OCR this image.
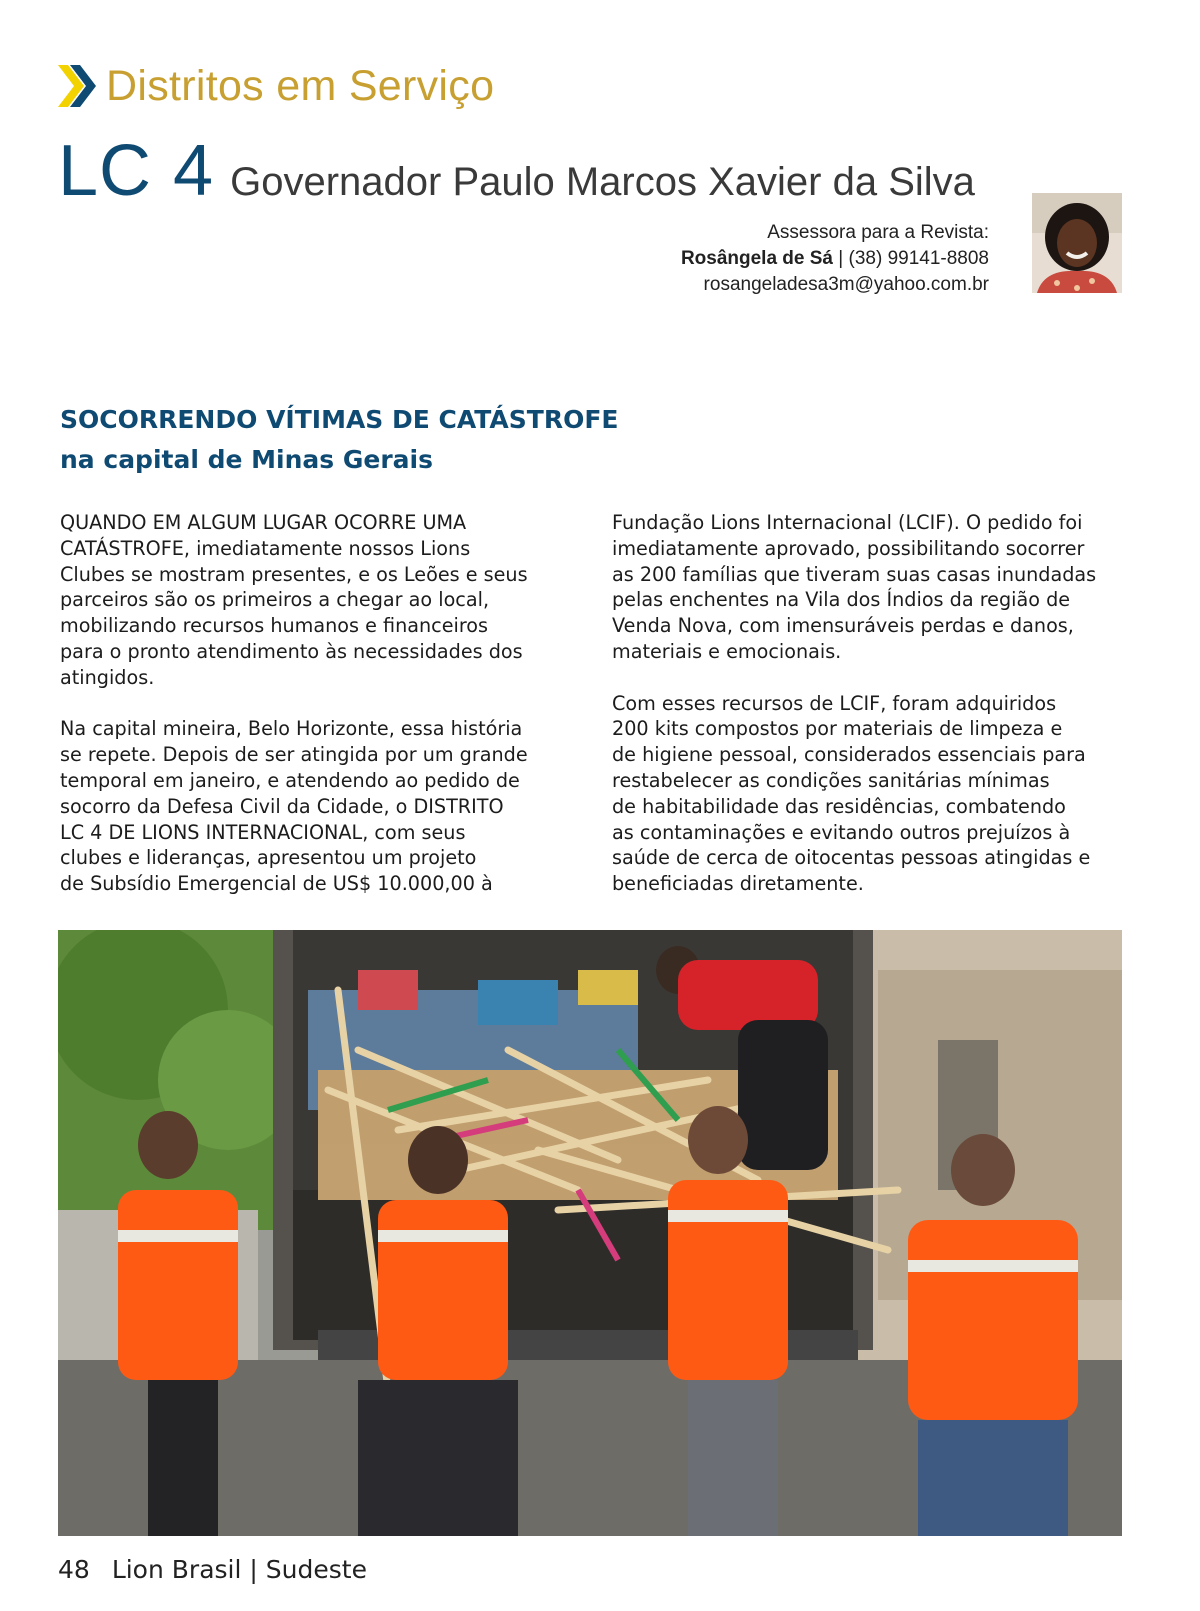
Distritos em Serviço
LC 4 Governador Paulo Marcos Xavier da Silva
Assessora para a Revista:
Rosângela de Sá | (38) 99141-8808
rosangeladesa3m@yahoo.com.br
SOCORRENDO VÍTIMAS DE CATÁSTROFE
na capital de Minas Gerais

QUANDO EM ALGUM LUGAR OCORRE UMA
CATÁSTROFE, imediatamente nossos Lions
Clubes se mostram presentes, e os Leões e seus
parceiros são os primeiros a chegar ao local,
mobilizando recursos humanos e financeiros
para o pronto atendimento às necessidades dos
atingidos.

Na capital mineira, Belo Horizonte, essa história
se repete. Depois de ser atingida por um grande
temporal em janeiro, e atendendo ao pedido de
socorro da Defesa Civil da Cidade, o DISTRITO
LC 4 DE LIONS INTERNACIONAL, com seus
clubes e lideranças, apresentou um projeto
de Subsídio Emergencial de US$ 10.000,00 à

Fundação Lions Internacional (LCIF). O pedido foi
imediatamente aprovado, possibilitando socorrer
as 200 famílias que tiveram suas casas inundadas
pelas enchentes na Vila dos Índios da região de
Venda Nova, com imensuráveis perdas e danos,
materiais e emocionais.

Com esses recursos de LCIF, foram adquiridos
200 kits compostos por materiais de limpeza e
de higiene pessoal, considerados essenciais para
restabelecer as condições sanitárias mínimas
de habitabilidade das residências, combatendo
as contaminações e evitando outros prejuízos à
saúde de cerca de oitocentas pessoas atingidas e
beneficiadas diretamente.

48 Lion Brasil | Sudeste
